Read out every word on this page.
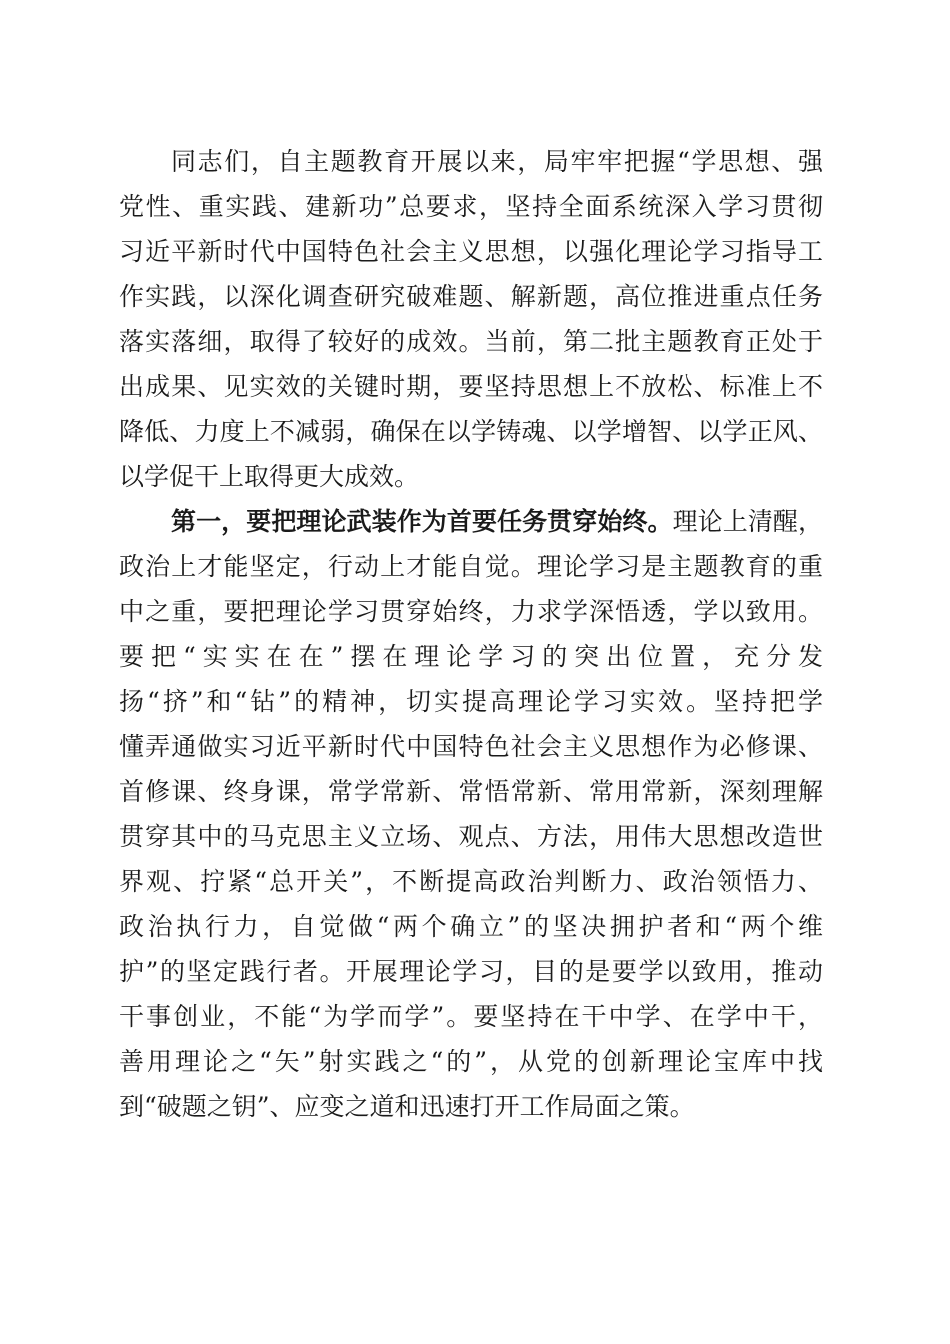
同志们，自主题教育开展以来，局牢牢把握“学思想、强
党性、重实践、建新功”总要求，坚持全面系统深入学习贯彻
习近平新时代中国特色社会主义思想，以强化理论学习指导工
作实践，以深化调查研究破难题、解新题，高位推进重点任务
落实落细，取得了较好的成效。当前，第二批主题教育正处于
出成果、见实效的关键时期，要坚持思想上不放松、标准上不
降低、力度上不减弱，确保在以学铸魂、以学增智、以学正风、
以学促干上取得更大成效。
第一，要把理论武装作为首要任务贯穿始终。理论上清醒，
政治上才能坚定，行动上才能自觉。理论学习是主题教育的重
中之重，要把理论学习贯穿始终，力求学深悟透，学以致用。
要把“实实在在”摆在理论学习的突出位置，充分发
扬“挤”和“钻”的精神，切实提高理论学习实效。坚持把学
懂弄通做实习近平新时代中国特色社会主义思想作为必修课、
首修课、终身课，常学常新、常悟常新、常用常新，深刻理解
贯穿其中的马克思主义立场、观点、方法，用伟大思想改造世
界观、拧紧“总开关”，不断提高政治判断力、政治领悟力、
政治执行力，自觉做“两个确立”的坚决拥护者和“两个维
护”的坚定践行者。开展理论学习，目的是要学以致用，推动
干事创业，不能“为学而学”。要坚持在干中学、在学中干，
善用理论之“矢”射实践之“的”，从党的创新理论宝库中找
到“破题之钥”、应变之道和迅速打开工作局面之策。
